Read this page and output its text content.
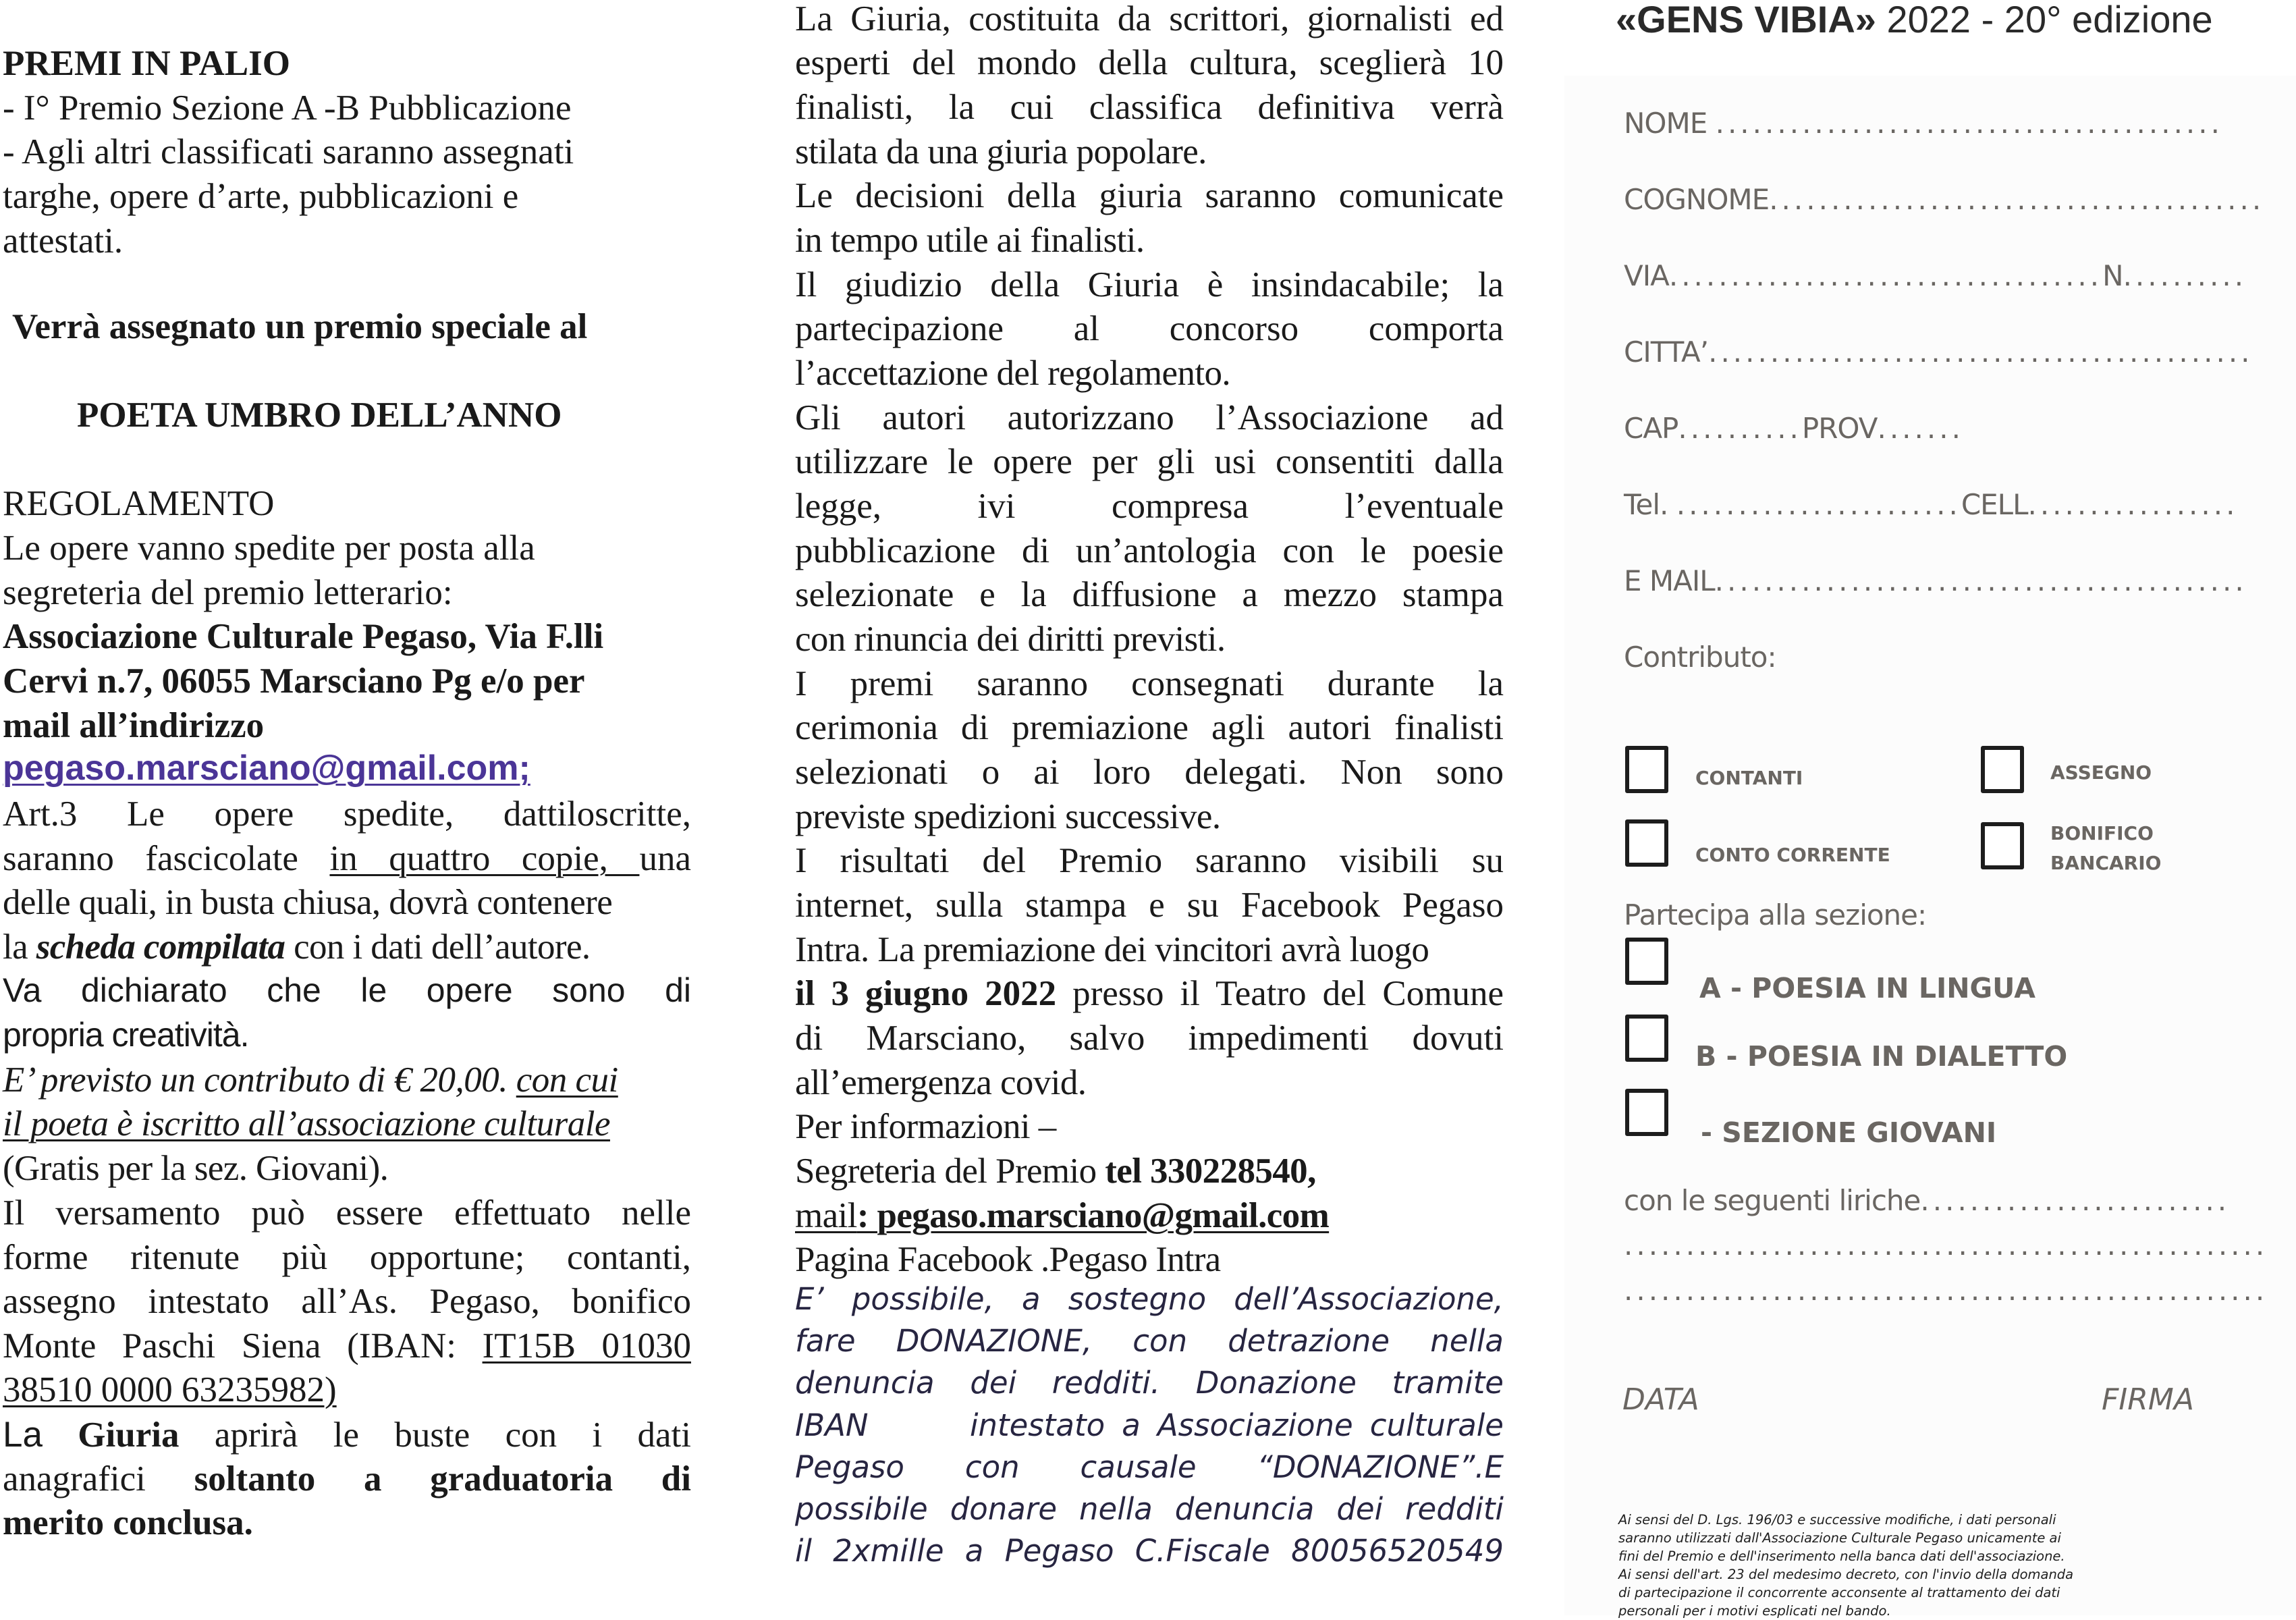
PREMI IN PALIO
- I° Premio Sezione A -B Pubblicazione
- Agli altri classificati saranno assegnati
targhe, opere d’arte, pubblicazioni e
attestati.
Verrà assegnato un premio speciale al
POETA UMBRO DELL’ANNO
REGOLAMENTO
Le opere vanno spedite per posta alla
segreteria del premio letterario:
Associazione Culturale Pegaso, Via F.lli
Cervi n.7, 06055 Marsciano Pg e/o per
mail all’indirizzo
pegaso.marsciano@gmail.com;
Art.3 Le opere spedite, dattiloscritte,
saranno fascicolate in quattro copie, una
delle quali, in busta chiusa, dovrà contenere
la scheda compilata con i dati dell’autore.
Va dichiarato che le opere sono di
propria creatività.
E’ previsto un contributo di € 20,00. con cui
il poeta è iscritto all’associazione culturale
(Gratis per la sez. Giovani).
Il versamento può essere effettuato nelle
forme ritenute più opportune; contanti,
assegno intestato all’As. Pegaso, bonifico
Monte Paschi Siena (IBAN: IT15B 01030
38510 0000 63235982)
La Giuria aprirà le buste con i dati
anagrafici soltanto a graduatoria di
merito conclusa.
La Giuria, costituita da scrittori, giornalisti ed
esperti del mondo della cultura, sceglierà 10
finalisti, la cui classifica definitiva verrà
stilata da una giuria popolare.
Le decisioni della giuria saranno comunicate
in tempo utile ai finalisti.
Il giudizio della Giuria è insindacabile; la
partecipazione al concorso comporta
l’accettazione del regolamento.
Gli autori autorizzano l’Associazione ad
utilizzare le opere per gli usi consentiti dalla
legge, ivi compresa l’eventuale
pubblicazione di un’antologia con le poesie
selezionate e la diffusione a mezzo stampa
con rinuncia dei diritti previsti.
I premi saranno consegnati durante la
cerimonia di premiazione agli autori finalisti
selezionati o ai loro delegati. Non sono
previste spedizioni successive.
I risultati del Premio saranno visibili su
internet, sulla stampa e su Facebook Pegaso
Intra. La premiazione dei vincitori avrà luogo
il 3 giugno 2022 presso il Teatro del Comune
di Marsciano, salvo impedimenti dovuti
all’emergenza covid.
Per informazioni –
Segreteria del Premio tel 330228540,
mail: pegaso.marsciano@gmail.com
Pagina Facebook .Pegaso Intra
E’ possibile, a sostegno dell’Associazione,
fare DONAZIONE, con detrazione nella
denuncia dei redditi. Donazione tramite
IBAN      intestato a Associazione culturale
Pegaso con causale “DONAZIONE”.E
possibile donare nella denuncia dei redditi
il 2xmille a Pegaso C.Fiscale 80056520549
«GENS VIBIA» 2022 - 20° edizione
NOME .........................................
COGNOME........................................
VIA...................................N..........
CITTA’............................................
CAP..........PROV.......
Tel. .......................CELL.................
E MAIL...........................................
Contributo:
CONTANTI	ASSEGNO
CONTO CORRENTE
BONIFICO
BANCARIO
Partecipa alla sezione:
A - POESIA IN LINGUA
B - POESIA IN DIALETTO
- SEZIONE GIOVANI
con le seguenti liriche.........................
....................................................
....................................................
DATA	FIRMA
Ai sensi del D. Lgs. 196/03 e successive modifiche, i dati personali
saranno utilizzati dall'Associazione Culturale Pegaso unicamente ai
fini del Premio e dell'inserimento nella banca dati dell'associazione.
Ai sensi dell'art. 23 del medesimo decreto, con l'invio della domanda
di partecipazione il concorrente acconsente al trattamento dei dati
personali per i motivi esplicati nel bando.
